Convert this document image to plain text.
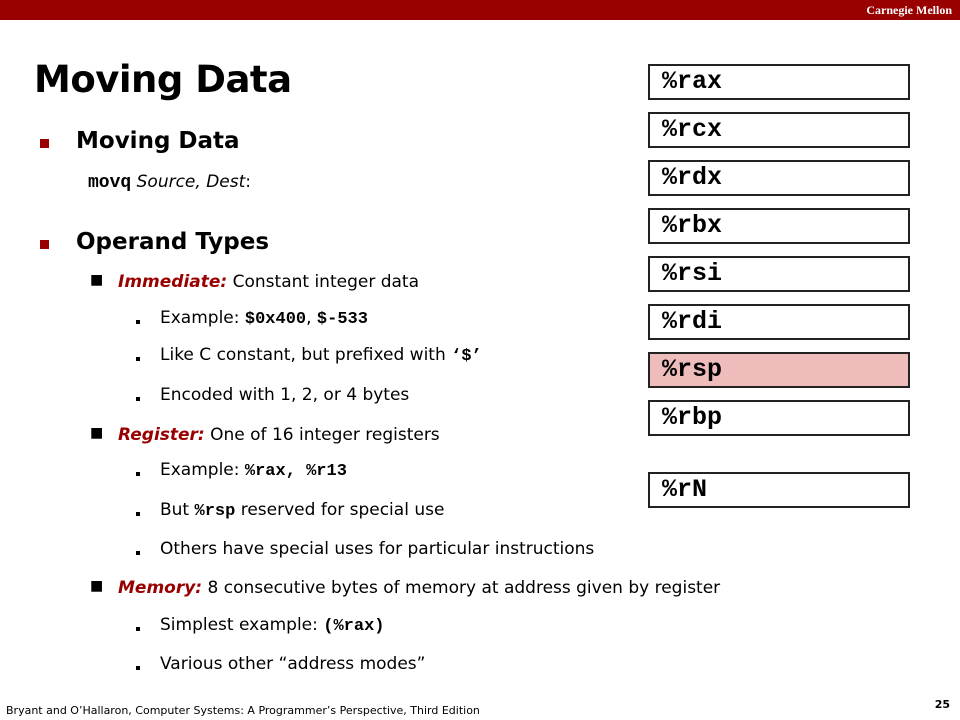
Carnegie Mellon
Moving Data
Moving Data
movq Source, Dest:
Operand Types
■ Immediate: Constant integer data
Example: $0x400, $-533
Like C constant, but prefixed with ‘$’
Encoded with 1, 2, or 4 bytes
■ Register: One of 16 integer registers
Example: %rax, %r13
But %rsp reserved for special use
Others have special uses for particular instructions
■ Memory: 8 consecutive bytes of memory at address given by register
Simplest example: (%rax)
Various other “address modes”
%rax
%rcx
%rdx
%rbx
%rsi
%rdi
%rsp
%rbp
%rN
Bryant and O’Hallaron, Computer Systems: A Programmer’s Perspective, Third Edition	25
